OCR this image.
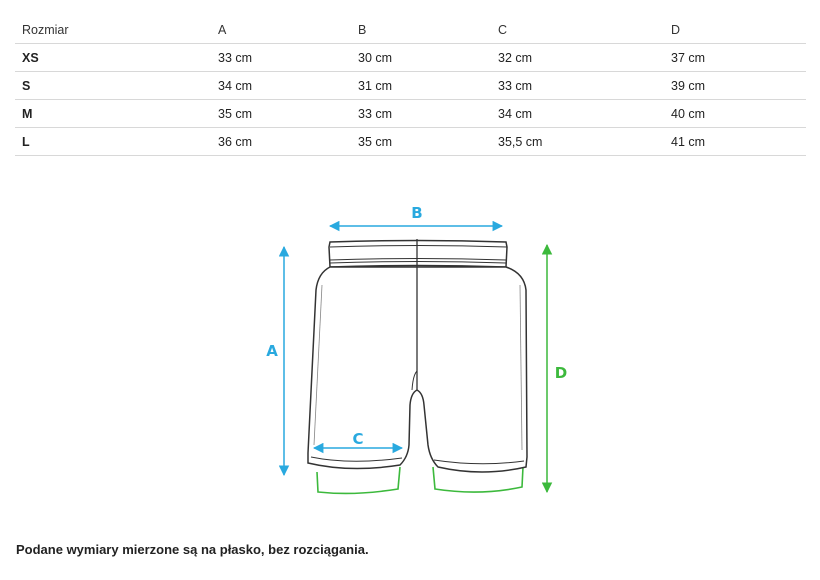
Rozmiar	A	B	C	D
XS	33 cm	30 cm	32 cm	37 cm
S	34 cm	31 cm	33 cm	39 cm
M	35 cm	33 cm	34 cm	40 cm
L	36 cm	35 cm	35,5 cm	41 cm
B
A
C
D
Podane wymiary mierzone są na płasko, bez rozciągania.
